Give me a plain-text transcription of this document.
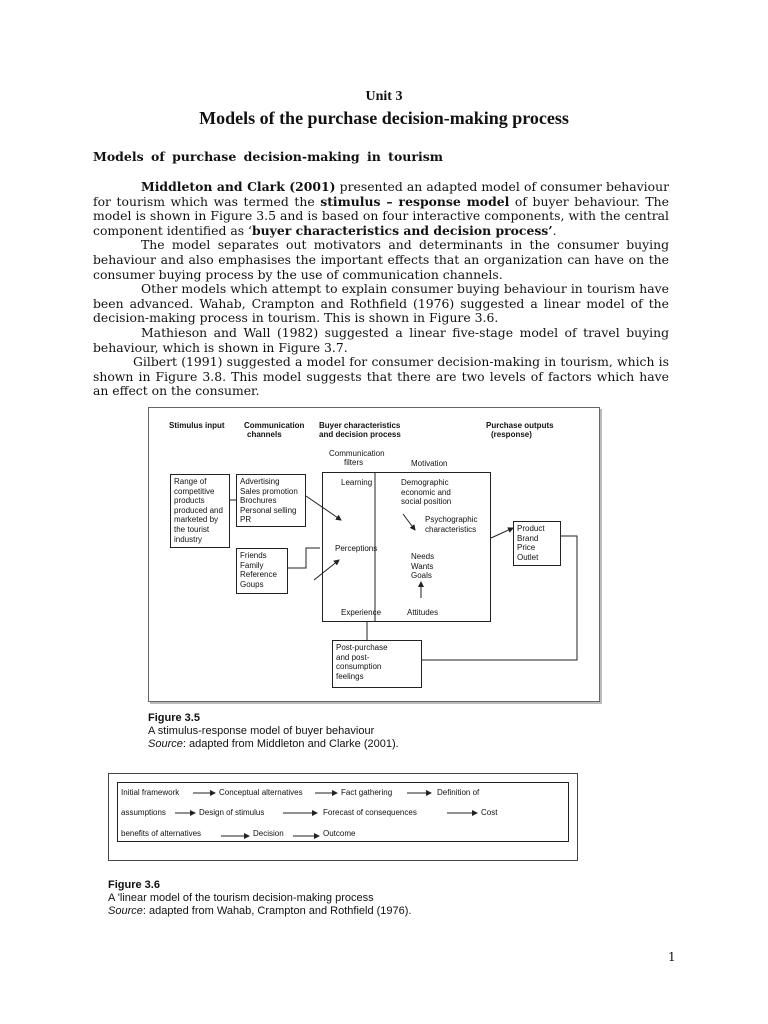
Unit 3
Models of the purchase decision-making process
Models of purchase decision-making in tourism

Middleton and Clark (2001) presented an adapted model of consumer behaviour for tourism which was termed the stimulus – response model of buyer behaviour. The model is shown in Figure 3.5 and is based on four interactive components, with the central component identified as ‘buyer characteristics and decision process’.

The model separates out motivators and determinants in the consumer buying behaviour and also emphasises the important effects that an organization can have on the consumer buying process by the use of communication channels.

Other models which attempt to explain consumer buying behaviour in tourism have been advanced. Wahab, Crampton and Rothfield (1976) suggested a linear model of the decision-making process in tourism. This is shown in Figure 3.6.

Mathieson and Wall (1982) suggested a linear five-stage model of travel buying behaviour, which is shown in Figure 3.7.

Gilbert (1991) suggested a model for consumer decision-making in tourism, which is shown in Figure 3.8. This model suggests that there are two levels of factors which have an effect on the consumer.

Stimulus input Communication
channels
Buyer characteristics
and decision process
Purchase outputs
(response)
Communication
filters	Motivation
Range of
competitive
products
produced and
marketed by
the tourist
industry
Advertising
Sales promotion
Brochures
Personal selling
PR
Friends
Family
Reference
Goups
Learning
Perceptions
Experience
Demographic
economic and
social position
Psychographic
characteristics
Needs
Wants
Goals
Attitudes
Product
Brand
Price
Outlet
Post-purchase
and post-
consumption
feelings
Figure 3.5
A stimulus-response model of buyer behaviour
Source: adapted from Middleton and Clarke (2001).
Initial framework	Conceptual alternatives	Fact gathering	Definition of
assumptions	Design of stimulus	Forecast of consequences	Cost
benefits of alternatives	Decision	Outcome
Figure 3.6
A 'linear model of the tourism decision-making process
Source: adapted from Wahab, Crampton and Rothfield (1976).
1
